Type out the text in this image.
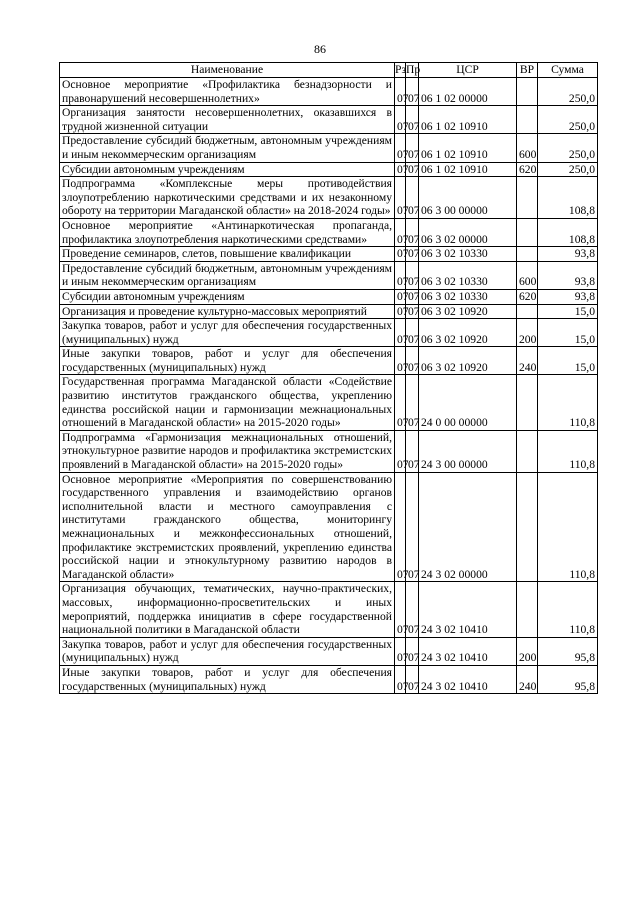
86
Наименование	Рз	Пр	ЦСР	ВР	Сумма
Основное мероприятие «Профилактика безнадзорности и правонарушений несовершеннолетних»	07	07	06 1 02 00000		250,0
Организация занятости несовершеннолетних, оказавшихся в трудной жизненной ситуации	07	07	06 1 02 10910		250,0
Предоставление субсидий бюджетным, автономным учреждениям и иным некоммерческим организациям	07	07	06 1 02 10910	600	250,0
Субсидии автономным учреждениям	07	07	06 1 02 10910	620	250,0
Подпрограмма «Комплексные меры противодействия злоупотреблению наркотическими средствами и их незаконному обороту на территории Магаданской области» на 2018-2024 годы»	07	07	06 3 00 00000		108,8
Основное мероприятие «Антинаркотическая пропаганда, профилактика злоупотребления наркотическими средствами»	07	07	06 3 02 00000		108,8
Проведение семинаров, слетов, повышение квалификации	07	07	06 3 02 10330		93,8
Предоставление субсидий бюджетным, автономным учреждениям и иным некоммерческим организациям	07	07	06 3 02 10330	600	93,8
Субсидии автономным учреждениям	07	07	06 3 02 10330	620	93,8
Организация и проведение культурно-массовых мероприятий	07	07	06 3 02 10920		15,0
Закупка товаров, работ и услуг для обеспечения государственных (муниципальных) нужд	07	07	06 3 02 10920	200	15,0
Иные закупки товаров, работ и услуг для обеспечения государственных (муниципальных) нужд	07	07	06 3 02 10920	240	15,0
Государственная программа Магаданской области «Содействие развитию институтов гражданского общества, укреплению единства российской нации и гармонизации межнациональных отношений в Магаданской области» на 2015-2020 годы»	07	07	24 0 00 00000		110,8
Подпрограмма «Гармонизация межнациональных отношений, этнокультурное развитие народов и профилактика экстремистских проявлений в Магаданской области» на 2015-2020 годы»	07	07	24 3 00 00000		110,8
Основное мероприятие «Мероприятия по совершенствованию государственного управления и взаимодействию органов исполнительной власти и местного самоуправления с институтами гражданского общества, мониторингу межнациональных и межконфессиональных отношений, профилактике экстремистских проявлений, укреплению единства российской нации и этнокультурному развитию народов в Магаданской области»	07	07	24 3 02 00000		110,8
Организация обучающих, тематических, научно-практических, массовых, информационно-просветительских и иных мероприятий, поддержка инициатив в сфере государственной национальной политики в Магаданской области	07	07	24 3 02 10410		110,8
Закупка товаров, работ и услуг для обеспечения государственных (муниципальных) нужд	07	07	24 3 02 10410	200	95,8
Иные закупки товаров, работ и услуг для обеспечения государственных (муниципальных) нужд	07	07	24 3 02 10410	240	95,8
